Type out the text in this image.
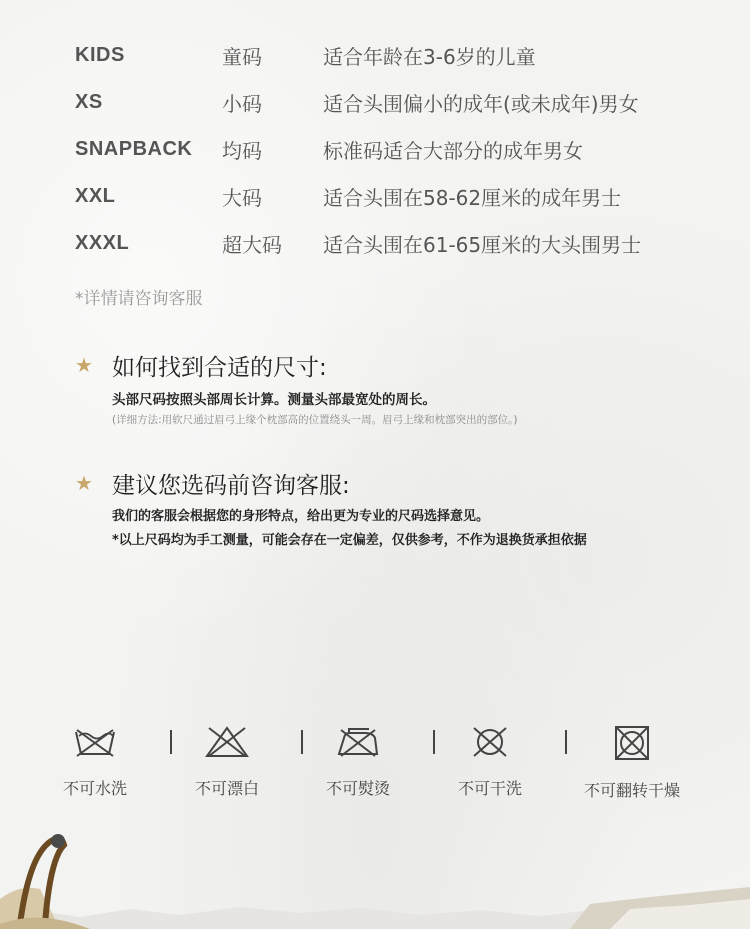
KIDS	童码	适合年龄在3-6岁的儿童
XS	小码	适合头围偏小的成年(或未成年)男女
SNAPBACK	均码	标准码适合大部分的成年男女
XXL	大码	适合头围在58-62厘米的成年男士
XXXL	超大码	适合头围在61-65厘米的大头围男士
*详情请咨询客服
★ 如何找到合适的尺寸:
头部尺码按照头部周长计算。测量头部最宽处的周长。
(详细方法:用软尺通过眉弓上缘个枕部高的位置绕头一周。眉弓上缘和枕部突出的部位。)
★ 建议您选码前咨询客服:
我们的客服会根据您的身形特点，给出更为专业的尺码选择意见。
*以上尺码均为手工测量，可能会存在一定偏差，仅供参考，不作为退换货承担依据
不可水洗	不可漂白	不可熨烫	不可干洗	不可翻转干燥
